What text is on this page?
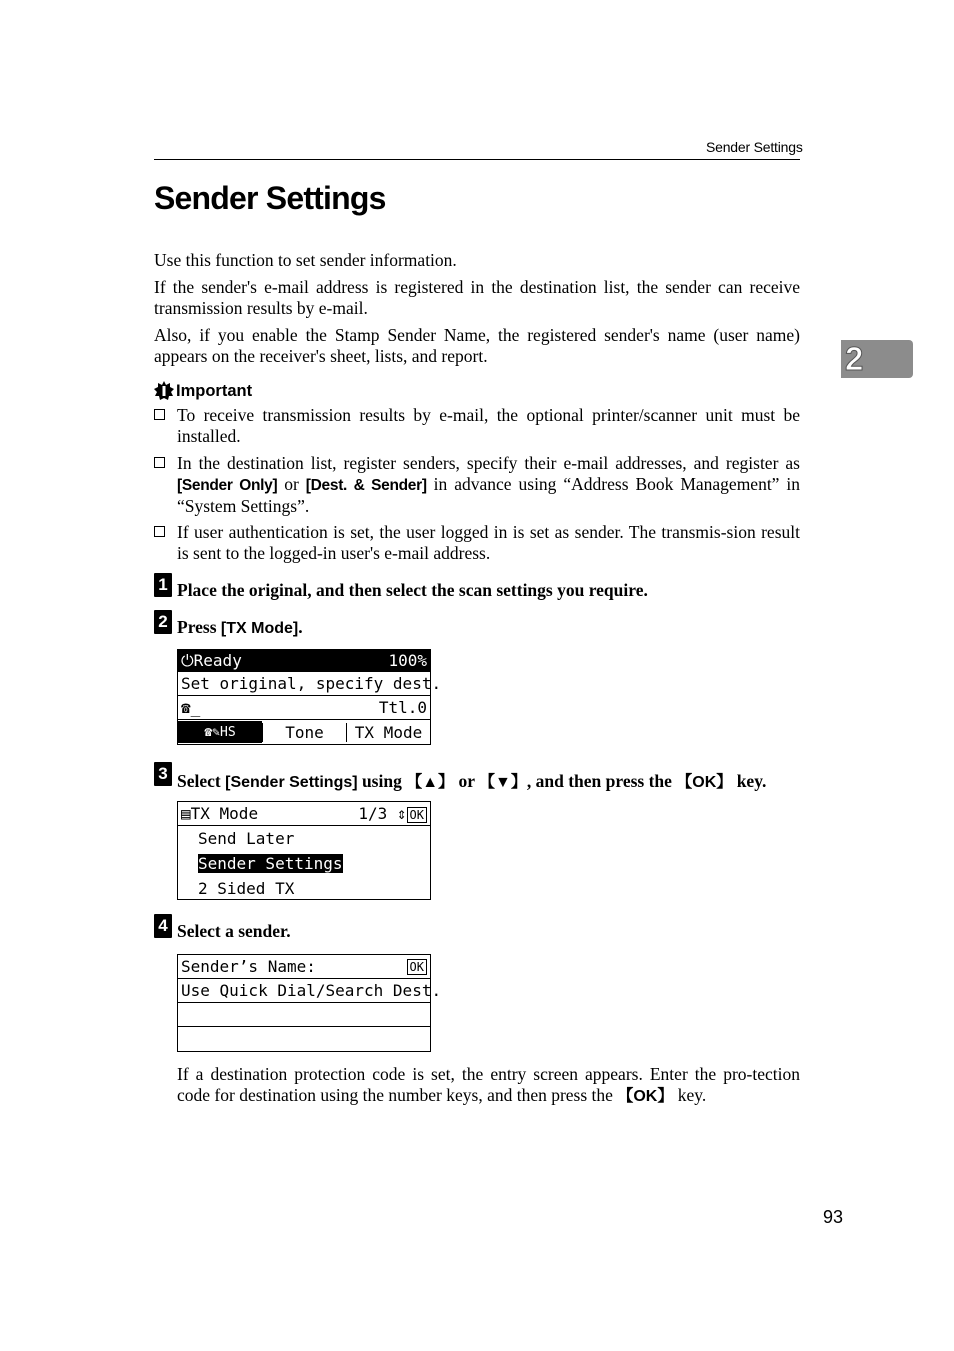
Sender Settings
2
Sender Settings
Use this function to set sender information.
If the sender's e-mail address is registered in the destination list, the sender can receive transmission results by e-mail.
Also, if you enable the Stamp Sender Name, the registered sender's name (user name) appears on the receiver's sheet, lists, and report.
Important
To receive transmission results by e-mail, the optional printer/scanner unit must be installed.
In the destination list, register senders, specify their e-mail addresses, and register as [Sender Only] or [Dest. & Sender] in advance using “Address Book Management” in “System Settings”.
If user authentication is set, the user logged in is set as sender. The transmis-sion result is sent to the logged-in user's e-mail address.
1 Place the original, and then select the scan settings you require.
2 Press [TX Mode].
⏻Ready	100%
Set original, specify dest.
☎_	Ttl.0
☎✎HS	Tone	TX Mode
3 Select [Sender Settings] using 【▲】 or 【▼】, and then press the 【OK】 key.
▤TX Mode	1/3 ⇕ OK
Send Later
Sender Settings
2 Sided TX
4 Select a sender.
Sender’s Name:	OK
Use Quick Dial/Search Dest.
If a destination protection code is set, the entry screen appears. Enter the pro-tection code for destination using the number keys, and then press the 【OK】 key.
93
